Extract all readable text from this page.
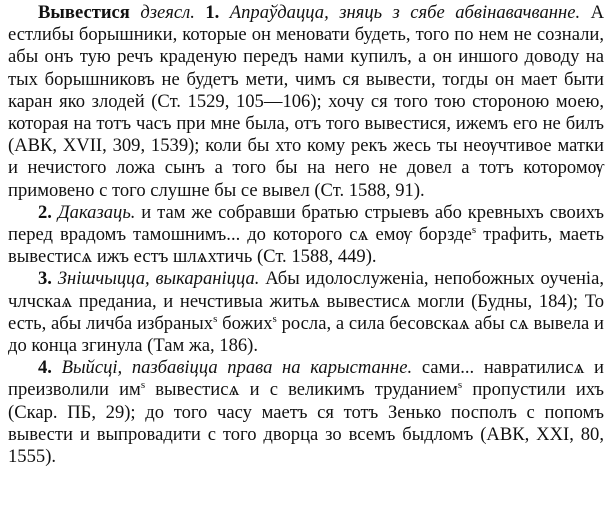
Вывестися дзеясл. 1. Апраўдацца, зняць з сябе абвінавачванне. А естлибы борышники, которые он меновати будеть, того по нем не сознали, абы онъ тую речъ краденую передъ нами купилъ, а он иншого доводу на тых борышниковъ не будетъ мети, чимъ ся вывести, тогды он мает быти каран яко злодей (Ст. 1529, 105—106); хочу ся того тою стороною моею, которая на тотъ часъ при мне была, отъ того вывестися, ижемъ его не билъ (АВК, XVII, 309, 1539); коли бы хто кому рекъ жесь ты неѹчтивое матки и нечистого ложа сынъ а того бы на него не довел а тотъ которомѹ примовено с того слушне бы се вывел (Ст. 1588, 91).

2. Даказаць. и там же собравши братью стрыевъ або кревныхъ своихъ перед врадомъ тамошнимъ... до которого сѧ емѹ борзде$^s$ трафить, маеть вывестисѧ ижъ естъ шлѧхтичь (Ст. 1588, 449).

3. Знішчыцца, выкараніцца. Абы идолослуженіа, непобожных оученіа, члчскаѧ преданиа, и нечстивыа житьѧ вывестисѧ могли (Будны, 184); То есть, абы личба избраных$^s$ божих$^s$ росла, а сила бесовскаѧ абы сѧ вывела и до конца згинула (Там жа, 186).

4. Выйсці, пазбавіцца права на карыстанне. сами... навратилисѧ и преизволили $им^s$ вывестисѧ и с великимъ труданием$^s$ пропустили ихъ (Скар. ПБ, 29); до того часу маетъ ся тотъ Зенько посполъ с попомъ вывести и выпровадити с того дворца зо всемъ быдломъ (АВК, XXI, 80, 1555).
